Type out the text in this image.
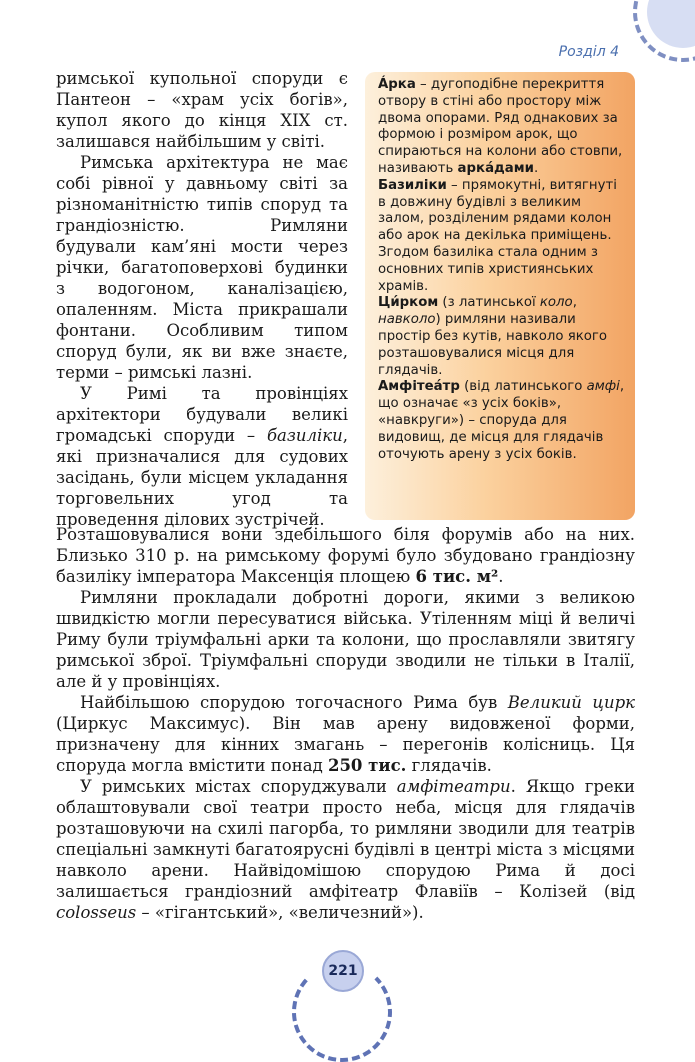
Розділ 4

римської купольної споруди є Пантеон – «храм усіх богів», купол якого до кінця XIX ст. залишався найбільшим у світі.

Римська архітектура не має собі рівної у давньому світі за різноманітністю типів споруд та грандіозністю. Римляни будували кам’яні мости через річки, багатоповерхові будинки з водогоном, каналізацією, опаленням. Міста прикрашали фонтани. Особливим типом споруд були, як ви вже знаєте, терми – римські лазні.

У Римі та провінціях архітектори будували великі громадські споруди – базиліки, які призначалися для судових засідань, були місцем укладання торговельних угод та проведення ділових зустрічей.

Áрка – дугоподібне перекриття отвору в стіні або простору між двома опорами. Ряд однакових за формою і розміром арок, що спираються на колони або стовпи, називають аркáдами.

Базиліки – прямокутні, витягнуті в довжину будівлі з великим залом, розділеним рядами колон або арок на декілька приміщень.

Згодом базиліка стала одним з основних типів християнських храмів.

Ци́рком (з латинської коло, навколо) римляни називали простір без кутів, навколо якого розташовувалися місця для глядачів.

Амфітеáтр (від латинського амфі, що означає «з усіх боків», «навкруги») – споруда для видовищ, де місця для глядачів оточують арену з усіх боків.

Розташовувалися вони здебільшого біля форумів або на них. Близько 310 р. на римському форумі було збудовано грандіозну базиліку імператора Максенція площею 6 тис. м².

Римляни прокладали добротні дороги, якими з великою швидкістю могли пересуватися війська. Утіленням міці й величі Риму були тріумфальні арки та колони, що прославляли звитягу римської зброї. Тріумфальні споруди зводили не тільки в Італії, але й у провінціях.

Найбільшою спорудою тогочасного Рима був Великий цирк (Циркус Максимус). Він мав арену видовженої форми, призначену для кінних змагань – перегонів колісниць. Ця споруда могла вмістити понад 250 тис. глядачів.

У римських містах споруджували амфітеатри. Якщо греки облаштовували свої театри просто неба, місця для глядачів розташовуючи на схилі пагорба, то римляни зводили для театрів спеціальні замкнуті багатоярусні будівлі в центрі міста з місцями навколо арени. Найвідомішою спорудою Рима й досі залишається грандіозний амфітеатр Флавіїв – Колізей (від colosseus – «гігантський», «величезний»).

221
